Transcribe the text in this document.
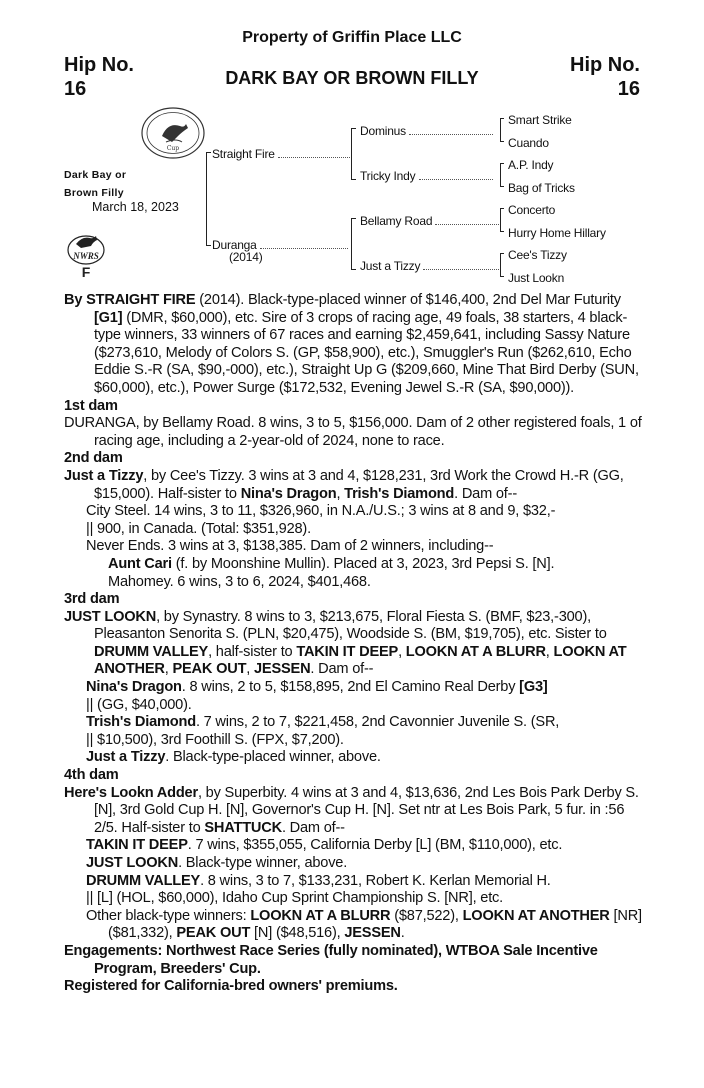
Property of Griffin Place LLC
Hip No.
16
Hip No.
16
DARK BAY OR BROWN FILLY
Cup
NWRS
F
Dark Bay or
Brown Filly
March 18, 2023
Straight Fire
Duranga
(2014)
Dominus
Tricky Indy
Bellamy Road
Just a Tizzy
Smart Strike
Cuando
A.P. Indy
Bag of Tricks
Concerto
Hurry Home Hillary
Cee's Tizzy
Just Lookn

By STRAIGHT FIRE (2014). Black-type-placed winner of $146,400, 2nd Del Mar Futurity [G1] (DMR, $60,000), etc. Sire of 3 crops of racing age, 49 foals, 38 starters, 4 black-type winners, 33 winners of 67 races and earning $2,459,641, including Sassy Nature ($273,610, Melody of Colors S. (GP, $58,900), etc.), Smuggler's Run ($262,610, Echo Eddie S.-R (SA, $90,-000), etc.), Straight Up G ($209,660, Mine That Bird Derby (SUN, $60,000), etc.), Power Surge ($172,532, Evening Jewel S.-R (SA, $90,000)).

1st dam

DURANGA, by Bellamy Road. 8 wins, 3 to 5, $156,000. Dam of 2 other registered foals, 1 of racing age, including a 2-year-old of 2024, none to race.

2nd dam

Just a Tizzy, by Cee's Tizzy. 3 wins at 3 and 4, $128,231, 3rd Work the Crowd H.-R (GG, $15,000). Half-sister to Nina's Dragon, Trish's Diamond. Dam of--

City Steel. 14 wins, 3 to 11, $326,960, in N.A./U.S.; 3 wins at 8 and 9, $32,-
|| 900, in Canada. (Total: $351,928).

Never Ends. 3 wins at 3, $138,385. Dam of 2 winners, including--

Aunt Cari (f. by Moonshine Mullin). Placed at 3, 2023, 3rd Pepsi S. [N].
Mahomey. 6 wins, 3 to 6, 2024, $401,468.

3rd dam

JUST LOOKN, by Synastry. 8 wins to 3, $213,675, Floral Fiesta S. (BMF, $23,-300), Pleasanton Senorita S. (PLN, $20,475), Woodside S. (BM, $19,705), etc. Sister to DRUMM VALLEY, half-sister to TAKIN IT DEEP, LOOKN AT A BLURR, LOOKN AT ANOTHER, PEAK OUT, JESSEN. Dam of--

Nina's Dragon. 8 wins, 2 to 5, $158,895, 2nd El Camino Real Derby [G3]
|| (GG, $40,000).

Trish's Diamond. 7 wins, 2 to 7, $221,458, 2nd Cavonnier Juvenile S. (SR,
|| $10,500), 3rd Foothill S. (FPX, $7,200).

Just a Tizzy. Black-type-placed winner, above.

4th dam

Here's Lookn Adder, by Superbity. 4 wins at 3 and 4, $13,636, 2nd Les Bois Park Derby S. [N], 3rd Gold Cup H. [N], Governor's Cup H. [N]. Set ntr at Les Bois Park, 5 fur. in :56 2/5. Half-sister to SHATTUCK. Dam of--

TAKIN IT DEEP. 7 wins, $355,055, California Derby [L] (BM, $110,000), etc.

JUST LOOKN. Black-type winner, above.

DRUMM VALLEY. 8 wins, 3 to 7, $133,231, Robert K. Kerlan Memorial H.
|| [L] (HOL, $60,000), Idaho Cup Sprint Championship S. [NR], etc.

Other black-type winners: LOOKN AT A BLURR ($87,522), LOOKN AT ANOTHER [NR] ($81,332), PEAK OUT [N] ($48,516), JESSEN.

Engagements: Northwest Race Series (fully nominated), WTBOA Sale Incentive Program, Breeders' Cup.

Registered for California-bred owners' premiums.
